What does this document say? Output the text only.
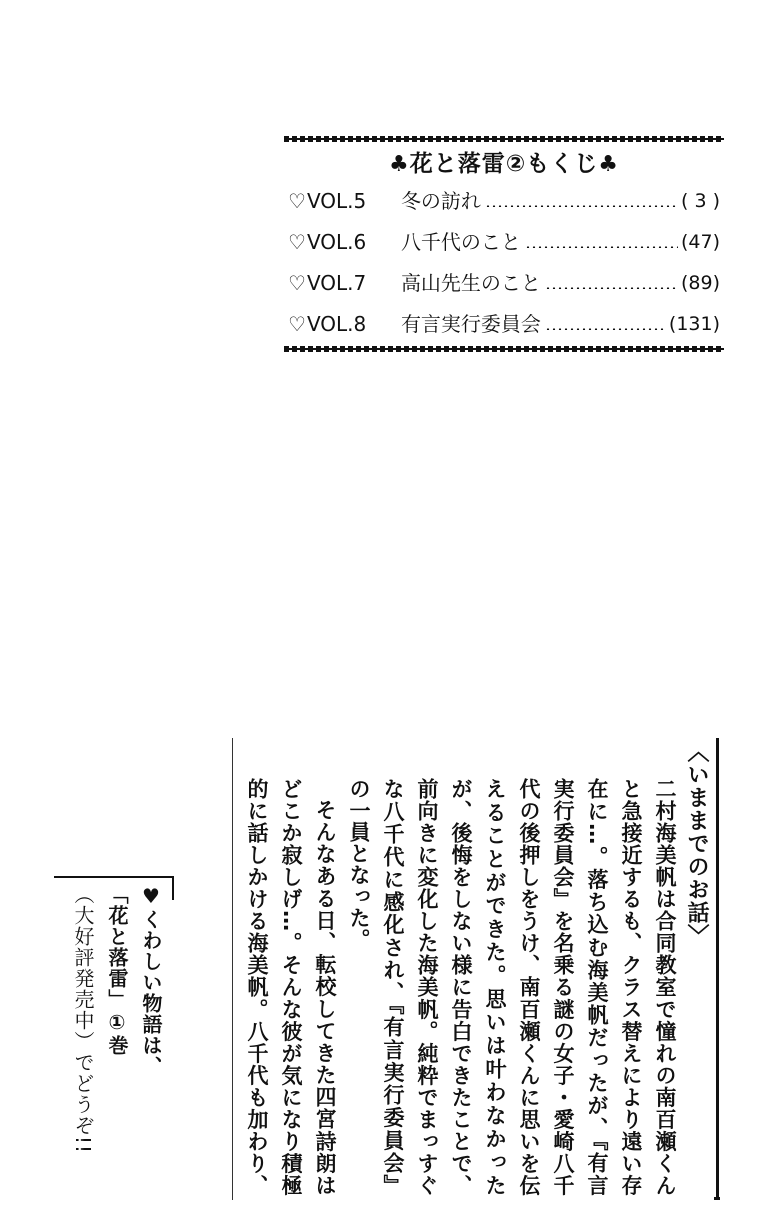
♣花と落雷②もくじ♣
♡ VOL.5	冬の訪れ	( 3 )
♡ VOL.6	八千代のこと	(47)
♡ VOL.7	高山先生のこと	(89)
♡ VOL.8	有言実行委員会	(131)
〈いままでのお話〉

二村海美帆は合同教室で憧れの南百瀬くんと急接近するも、クラス替えにより遠い存在に…。落ち込む海美帆だったが、『有言実行委員会』を名乗る謎の女子・愛崎八千代の後押しをうけ、南百瀬くんに思いを伝えることができた。思いは叶わなかったが、後悔をしない様に告白できたことで、前向きに変化した海美帆。純粋でまっすぐな八千代に感化され、『有言実行委員会』の一員となった。

そんなある日、転校してきた四宮詩朗はどこか寂しげ…。そんな彼が気になり積極的に話しかける海美帆。八千代も加わり、

♥くわしい物語は、
「花と落雷」①巻
（大好評発売中）でどうぞ!!
